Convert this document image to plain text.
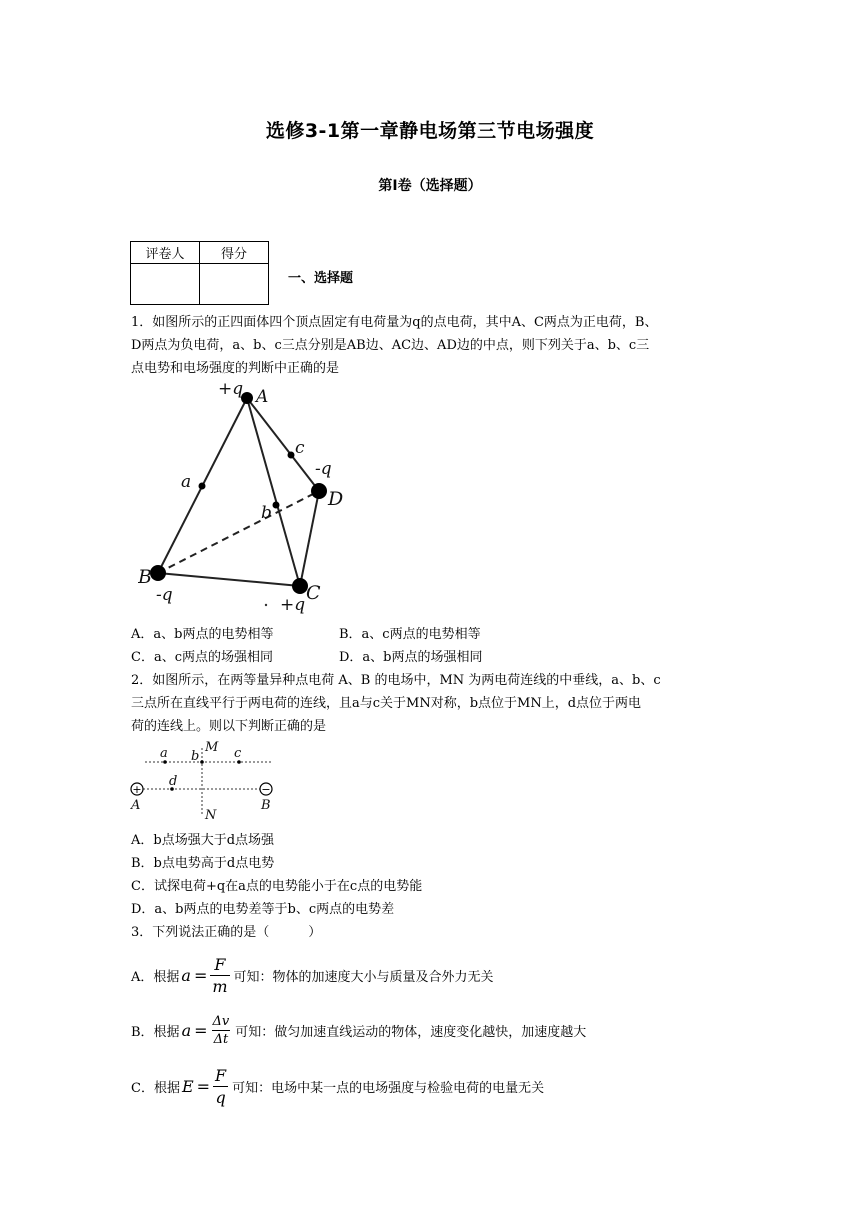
选修3-1第一章静电场第三节电场强度
第Ⅰ卷（选择题）
评卷人	得分

一、选择题
1．如图所示的正四面体四个顶点固定有电荷量为q的点电荷，其中A、C两点为正电荷，B、
D两点为负电荷，a、b、c三点分别是AB边、AC边、AD边的中点，则下列关于a、b、c三
点电势和电场强度的判断中正确的是
+q A
a
c
-q
D
b
B
-q	C
+q
A．a、b两点的电势相等	B．a、c两点的电势相等
C．a、c两点的场强相同	D．a、b两点的场强相同
2．如图所示，在两等量异种点电荷 A、B 的电场中，MN 为两电荷连线的中垂线，a、b、c
三点所在直线平行于两电荷的连线，且a与c关于MN对称，b点位于MN上，d点位于两电
荷的连线上。则以下判断正确的是
+	−
a b	c
d
M
N
A	B
A．b点场强大于d点场强
B．b点电势高于d点电势
C．试探电荷+q在a点的电势能小于在c点的电势能
D．a、b两点的电势差等于b、c两点的电势差
3．下列说法正确的是（　　　）
A．根据 $a = \frac{F}{m}$ 可知：物体的加速度大小与质量及合外力无关
B．根据 $a = \frac{\Delta v}{\Delta t}$ 可知：做匀加速直线运动的物体，速度变化越快，加速度越大
C．根据 $E = \frac{F}{q}$ 可知：电场中某一点的电场强度与检验电荷的电量无关
